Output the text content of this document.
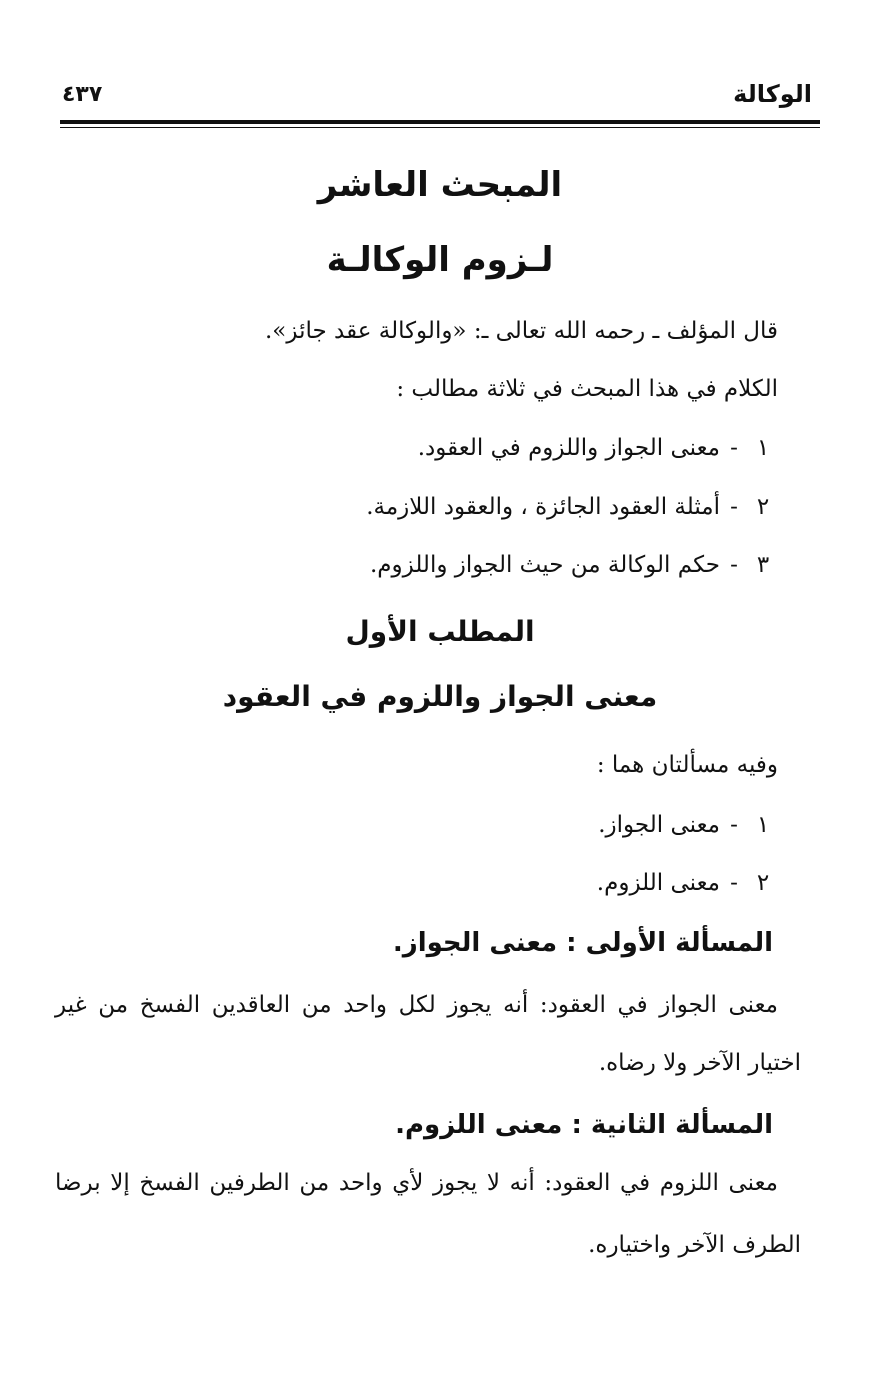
الوكالة
٤٣٧
المبحث العاشر
لـزوم الوكالـة
قال المؤلف ـ رحمه الله تعالى ـ: «والوكالة عقد جائز».
الكلام في هذا المبحث في ثلاثة مطالب :
١-معنى الجواز واللزوم في العقود.
٢-أمثلة العقود الجائزة ، والعقود اللازمة.
٣-حكم الوكالة من حيث الجواز واللزوم.
المطلب الأول
معنى الجواز واللزوم في العقود
وفيه مسألتان هما :
١-معنى الجواز.
٢-معنى اللزوم.
المسألة الأولى : معنى الجواز.
معنى الجواز في العقود: أنه يجوز لكل واحد من العاقدين الفسخ من غير
اختيار الآخر ولا رضاه.
المسألة الثانية : معنى اللزوم.
معنى اللزوم في العقود: أنه لا يجوز لأي واحد من الطرفين الفسخ إلا برضا
الطرف الآخر واختياره.
